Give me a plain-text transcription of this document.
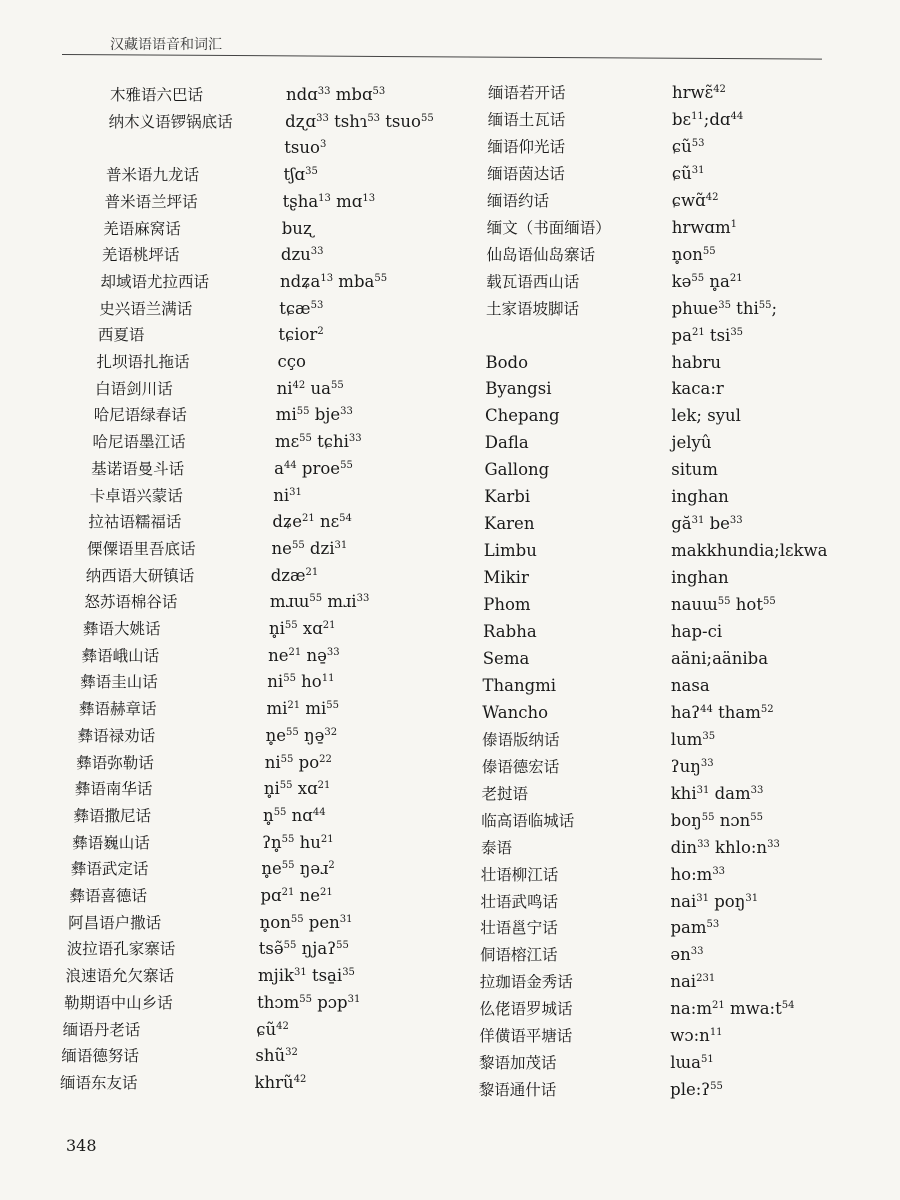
汉藏语语音和词汇
木雅语六巴话	ndɑ$^{33}$ mbɑ$^{53}$
纳木义语锣锅底话	dʐɑ$^{33}$ tshɿ$^{53}$ tsuo$^{55}$
tsuo$^3$
普米语九龙话	tʃɑ$^{35}$
普米语兰坪话	tʂha$^{13}$ mɑ$^{13}$
羌语麻窝话	buʐ
羌语桃坪话	dzu$^{33}$
却域语尤拉西话	ndʑa$^{13}$ mba$^{55}$
史兴语兰满话	tɕæ$^{53}$
西夏语	tɕior$^2$
扎坝语扎拖话	cço
白语剑川话	$ni^{42}$ $ua^{55}$
哈尼语绿春话	$mi^{55}$ bje$^{33}$
哈尼语墨江话	mɛ$^{55}$ tɕhi$^{33}$
基诺语曼斗话	$a^{44}$ proe$^{55}$
卡卓语兴蒙话	$ni^{31}$
拉祜语糯福话	dʑe$^{21}$ nɛ$^{54}$
傈僳语里吾底话	$ne^{55}$ dzi$^{31}$
纳西语大研镇话	dzæ$^{21}$
怒苏语棉谷话	mɹɯ$^{55}$ mɹi$^{33}$
彝语大姚话	$n̥i^{55}$ xɑ$^{21}$
彝语峨山话	$ne^{21}$ nə̱$^{33}$
彝语圭山话	$ni^{55}$ $ho^{11}$
彝语赫章话	$mi^{21}$ $mi^{55}$
彝语禄劝话	$n̥e^{55}$ ŋə̱$^{32}$
彝语弥勒话	$ni^{55}$ $po^{22}$
彝语南华话	$n̥i^{55}$ xɑ$^{21}$
彝语撒尼话	n̥$^{55}$ nɑ$^{44}$
彝语巍山话	ʔn̥$^{55}$ $hu^{21}$
彝语武定话	$n̥e^{55}$ ŋəɹ$^2$
彝语喜德话	pɑ$^{21}$ $ne^{21}$
阿昌语户撒话	$n̥on^{55}$ pen$^{31}$
波拉语孔家寨话	tsə̃$^{55}$ ŋjaʔ$^{55}$
浪速语允欠寨话	mjik$^{31}$ $tsa̱i^{35}$
勒期语中山乡话	thɔm$^{55}$ pɔp$^{31}$
缅语丹老话	ɕũ$^{42}$
缅语德努话	shũ$^{32}$
缅语东友话	khrũ$^{42}$
缅语若开话	hrwɛ̃$^{42}$
缅语土瓦话	bɛ$^{11}$;dɑ$^{44}$
缅语仰光话	ɕũ$^{53}$
缅语茵达话	ɕũ$^{31}$
缅语约话	ɕwɑ̃$^{42}$
缅文（书面缅语）	hrwɑm$^1$
仙岛语仙岛寨话	$n̥on^{55}$
载瓦语西山话	kə$^{55}$ $n̥a^{21}$
土家语坡脚话	phɯe$^{35}$ thi$^{55}$;
$pa^{21}$ tsi$^{35}$
Bodo	habru
Byangsi	kaca:r
Chepang	lek; syul
Dafla	jelyû
Gallong	situm
Karbi	inghan
Karen	$gă^{31}$ $be^{33}$
Limbu	makkhundia;lɛkwa
Mikir	inghan
Phom	nauɯ$^{55}$ hot$^{55}$
Rabha	hap-ci
Sema	aäni;aäniba
Thangmi	nasa
Wancho	haʔ$^{44}$ tham$^{52}$
傣语版纳话	lum$^{35}$
傣语德宏话	ʔuŋ$^{33}$
老挝语	khi$^{31}$ dam$^{33}$
临高语临城话	boŋ$^{55}$ nɔn$^{55}$
泰语	din$^{33}$ $khlo:n^{33}$
壮语柳江话	$ho:m^{33}$
壮语武鸣话	nai$^{31}$ poŋ$^{31}$
壮语邕宁话	pam$^{53}$
侗语榕江话	ən$^{33}$
拉珈语金秀话	nai$^{231}$
仫佬语罗城话	$na:m^{21}$ $mwa:t^{54}$
佯僙语平塘话	$wɔ:n^{11}$
黎语加茂话	lɯa$^{51}$
黎语通什话	ple:ʔ$^{55}$
348
